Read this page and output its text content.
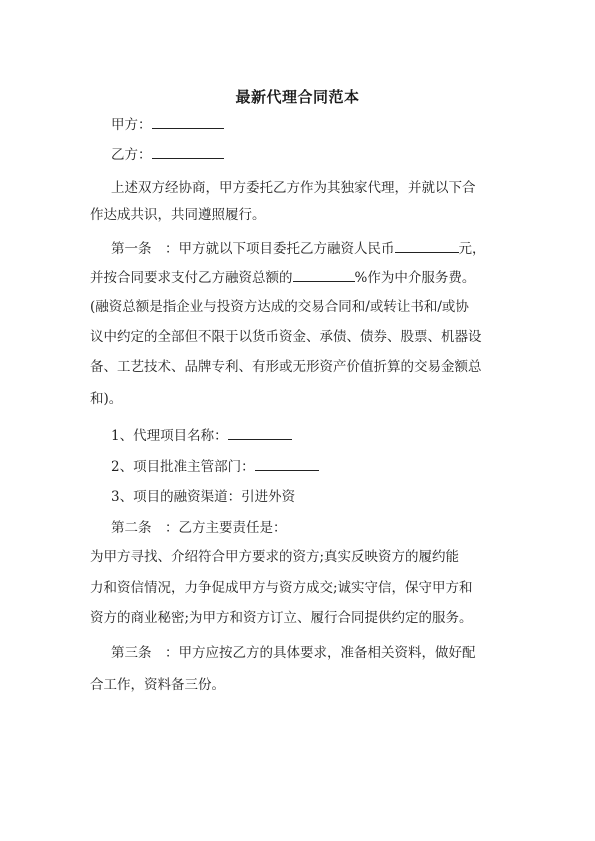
最新代理合同范本
甲方：
乙方：
上述双方经协商，甲方委托乙方作为其独家代理，并就以下合
作达成共识，共同遵照履行。
第一条　：甲方就以下项目委托乙方融资人民币	元，
并按合同要求支付乙方融资总额的	%作为中介服务费。
(融资总额是指企业与投资方达成的交易合同和/或转让书和/或协
议中约定的全部但不限于以货币资金、承债、债券、股票、机器设
备、工艺技术、品牌专利、有形或无形资产价值折算的交易金额总
和)。
1、代理项目名称：
2、项目批准主管部门：
3、项目的融资渠道：引进外资
第二条　：乙方主要责任是：
为甲方寻找、介绍符合甲方要求的资方;真实反映资方的履约能
力和资信情况，力争促成甲方与资方成交;诚实守信，保守甲方和
资方的商业秘密;为甲方和资方订立、履行合同提供约定的服务。
第三条　：甲方应按乙方的具体要求，准备相关资料，做好配
合工作，资料备三份。
